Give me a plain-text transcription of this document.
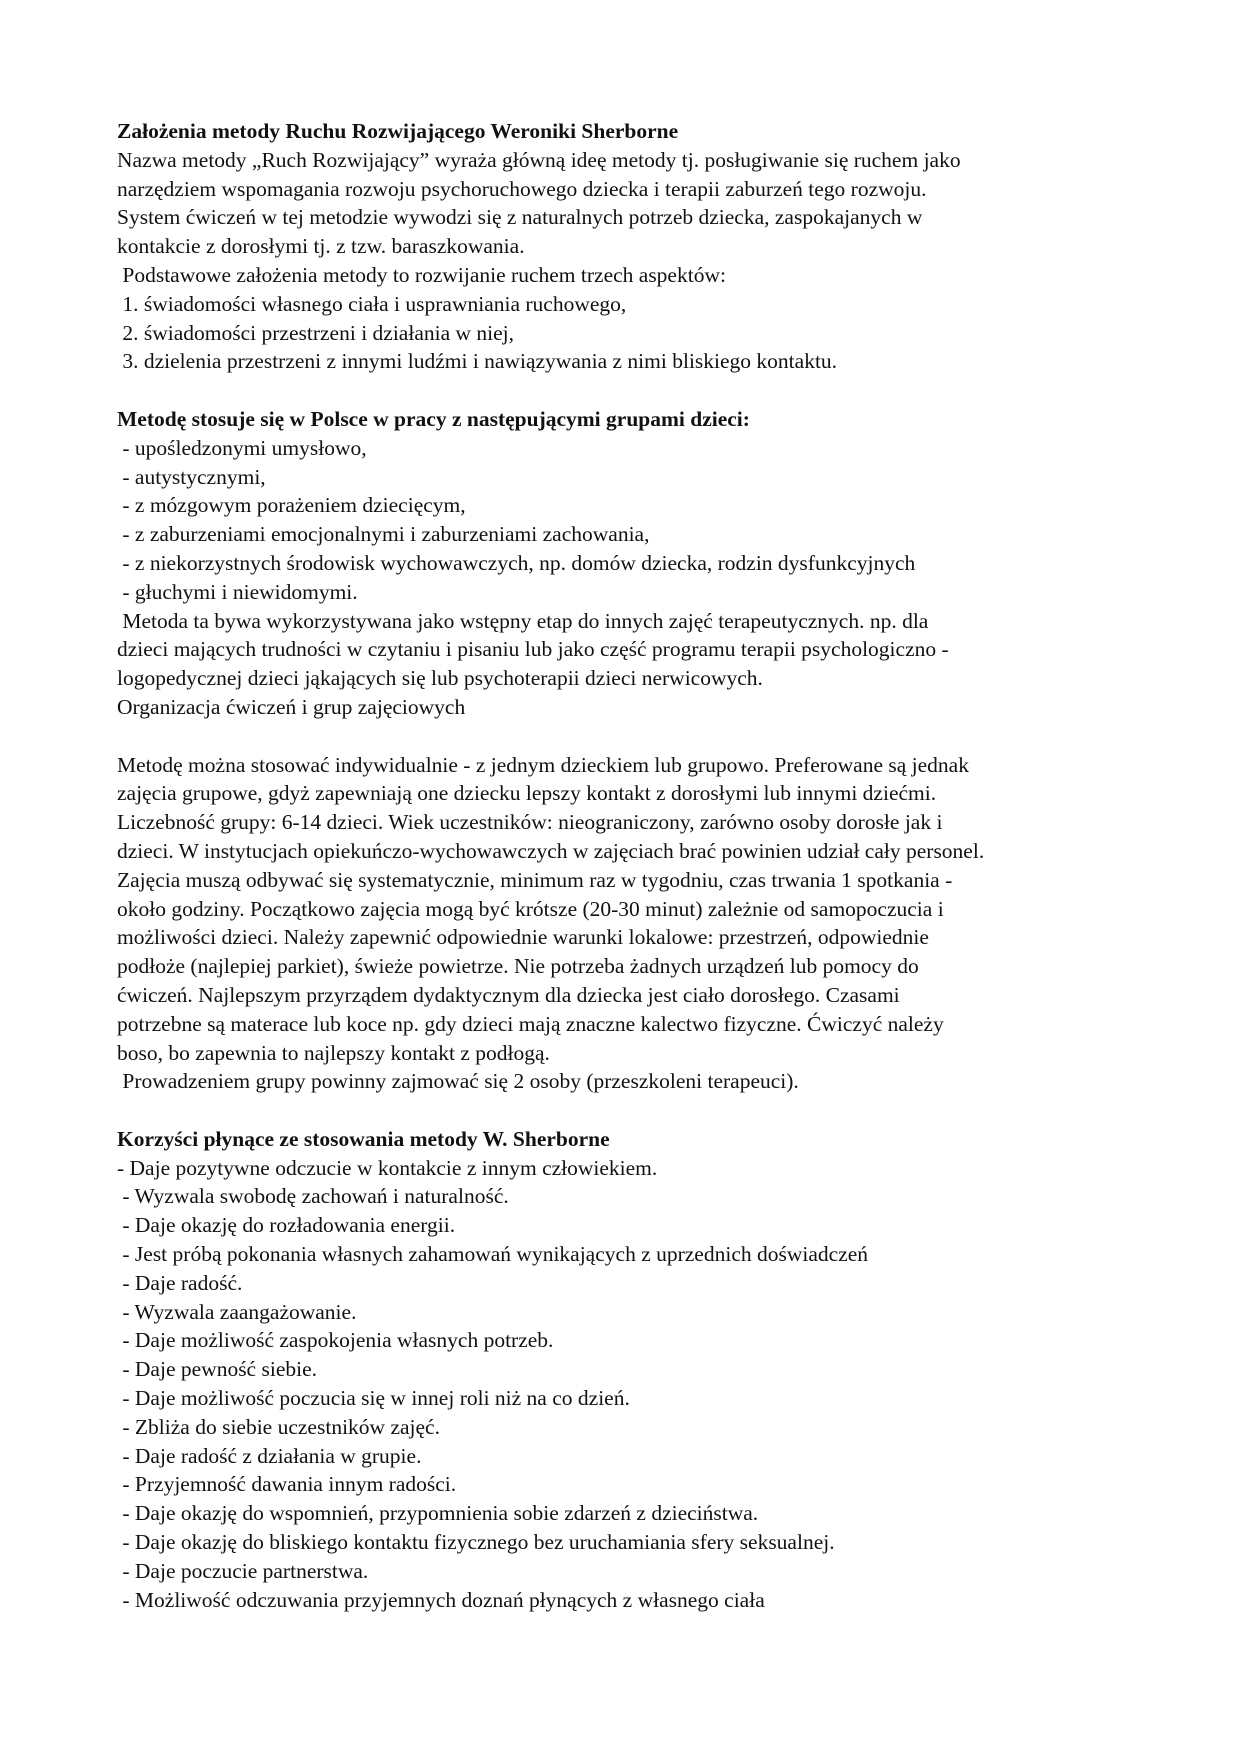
Założenia metody Ruchu Rozwijającego Weroniki Sherborne
Nazwa metody „Ruch Rozwijający” wyraża główną ideę metody tj. posługiwanie się ruchem jako
narzędziem wspomagania rozwoju psychoruchowego dziecka i terapii zaburzeń tego rozwoju.
System ćwiczeń w tej metodzie wywodzi się z naturalnych potrzeb dziecka, zaspokajanych w
kontakcie z dorosłymi tj. z tzw. baraszkowania.
Podstawowe założenia metody to rozwijanie ruchem trzech aspektów:
1. świadomości własnego ciała i usprawniania ruchowego,
2. świadomości przestrzeni i działania w niej,
3. dzielenia przestrzeni z innymi ludźmi i nawiązywania z nimi bliskiego kontaktu.
Metodę stosuje się w Polsce w pracy z następującymi grupami dzieci:
- upośledzonymi umysłowo,
- autystycznymi,
- z mózgowym porażeniem dziecięcym,
- z zaburzeniami emocjonalnymi i zaburzeniami zachowania,
- z niekorzystnych środowisk wychowawczych, np. domów dziecka, rodzin dysfunkcyjnych
- głuchymi i niewidomymi.
Metoda ta bywa wykorzystywana jako wstępny etap do innych zajęć terapeutycznych. np. dla
dzieci mających trudności w czytaniu i pisaniu lub jako część programu terapii psychologiczno -
logopedycznej dzieci jąkających się lub psychoterapii dzieci nerwicowych.
Organizacja ćwiczeń i grup zajęciowych
Metodę można stosować indywidualnie - z jednym dzieckiem lub grupowo. Preferowane są jednak
zajęcia grupowe, gdyż zapewniają one dziecku lepszy kontakt z dorosłymi lub innymi dziećmi.
Liczebność grupy: 6-14 dzieci. Wiek uczestników: nieograniczony, zarówno osoby dorosłe jak i
dzieci. W instytucjach opiekuńczo-wychowawczych w zajęciach brać powinien udział cały personel.
Zajęcia muszą odbywać się systematycznie, minimum raz w tygodniu, czas trwania 1 spotkania -
około godziny. Początkowo zajęcia mogą być krótsze (20-30 minut) zależnie od samopoczucia i
możliwości dzieci. Należy zapewnić odpowiednie warunki lokalowe: przestrzeń, odpowiednie
podłoże (najlepiej parkiet), świeże powietrze. Nie potrzeba żadnych urządzeń lub pomocy do
ćwiczeń. Najlepszym przyrządem dydaktycznym dla dziecka jest ciało dorosłego. Czasami
potrzebne są materace lub koce np. gdy dzieci mają znaczne kalectwo fizyczne. Ćwiczyć należy
boso, bo zapewnia to najlepszy kontakt z podłogą.
Prowadzeniem grupy powinny zajmować się 2 osoby (przeszkoleni terapeuci).
Korzyści płynące ze stosowania metody W. Sherborne
- Daje pozytywne odczucie w kontakcie z innym człowiekiem.
- Wyzwala swobodę zachowań i naturalność.
- Daje okazję do rozładowania energii.
- Jest próbą pokonania własnych zahamowań wynikających z uprzednich doświadczeń
- Daje radość.
- Wyzwala zaangażowanie.
- Daje możliwość zaspokojenia własnych potrzeb.
- Daje pewność siebie.
- Daje możliwość poczucia się w innej roli niż na co dzień.
- Zbliża do siebie uczestników zajęć.
- Daje radość z działania w grupie.
- Przyjemność dawania innym radości.
- Daje okazję do wspomnień, przypomnienia sobie zdarzeń z dzieciństwa.
- Daje okazję do bliskiego kontaktu fizycznego bez uruchamiania sfery seksualnej.
- Daje poczucie partnerstwa.
- Możliwość odczuwania przyjemnych doznań płynących z własnego ciała
